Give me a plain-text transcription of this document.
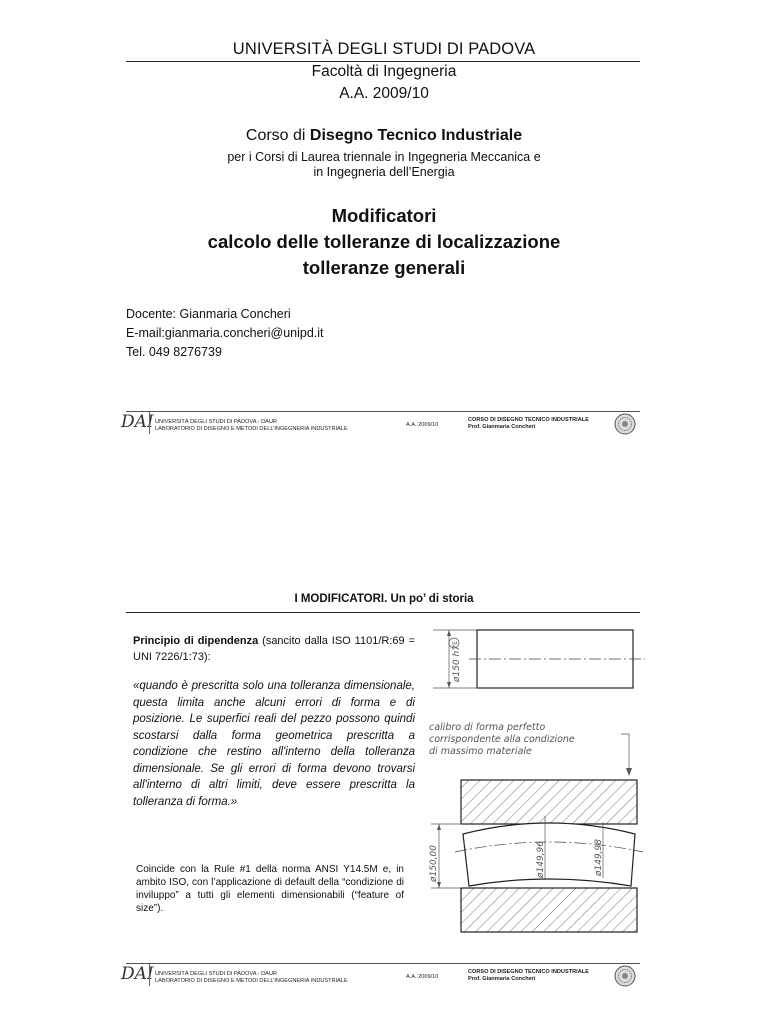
UNIVERSITÀ DEGLI STUDI DI PADOVA
Facoltà di Ingegneria
A.A. 2009/10
Corso di Disegno Tecnico Industriale
per i Corsi di Laurea triennale in Ingegneria Meccanica e
in Ingegneria dell’Energia
Modificatori
calcolo delle tolleranze di localizzazione
tolleranze generali
Docente: Gianmaria Concheri
E-mail:gianmaria.concheri@unipd.it
Tel. 049 8276739
DAI UNIVERSITÀ DEGLI STUDI DI PADOVA - DAUR
LABORATORIO DI DISEGNO E METODI DELL’INGEGNERIA INDUSTRIALE
A.A. 2009/10
CORSO DI DISEGNO TECNICO INDUSTRIALE
Prof. Gianmaria Concheri
I MODIFICATORI. Un po’ di storia
Principio di dipendenza (sancito dalla ISO 1101/R:69 = UNI 7226/1:73):
«quando è prescritta solo una tolleranza dimensionale, questa limita anche alcuni errori di forma e di posizione. Le superfici reali del pezzo possono quindi scostarsi dalla forma geometrica prescritta a condizione che restino all'interno della tolleranza dimensionale. Se gli errori di forma devono trovarsi all'interno di altri limiti, deve essere prescritta la tolleranza di forma.»
Coincide con la Rule #1 della norma ANSI Y14.5M e, in ambito ISO, con l’applicazione di default della “condizione di inviluppo” a tutti gli elementi dimensionabili (“feature of size”).
ø150 h7
E
calibro di forma perfetto
corrispondente alla condizione
di massimo materiale
ø150,00	ø149,96	ø149,98
DAI UNIVERSITÀ DEGLI STUDI DI PADOVA - DAUR
LABORATORIO DI DISEGNO E METODI DELL’INGEGNERIA INDUSTRIALE
A.A. 2009/10
CORSO DI DISEGNO TECNICO INDUSTRIALE
Prof. Gianmaria Concheri
